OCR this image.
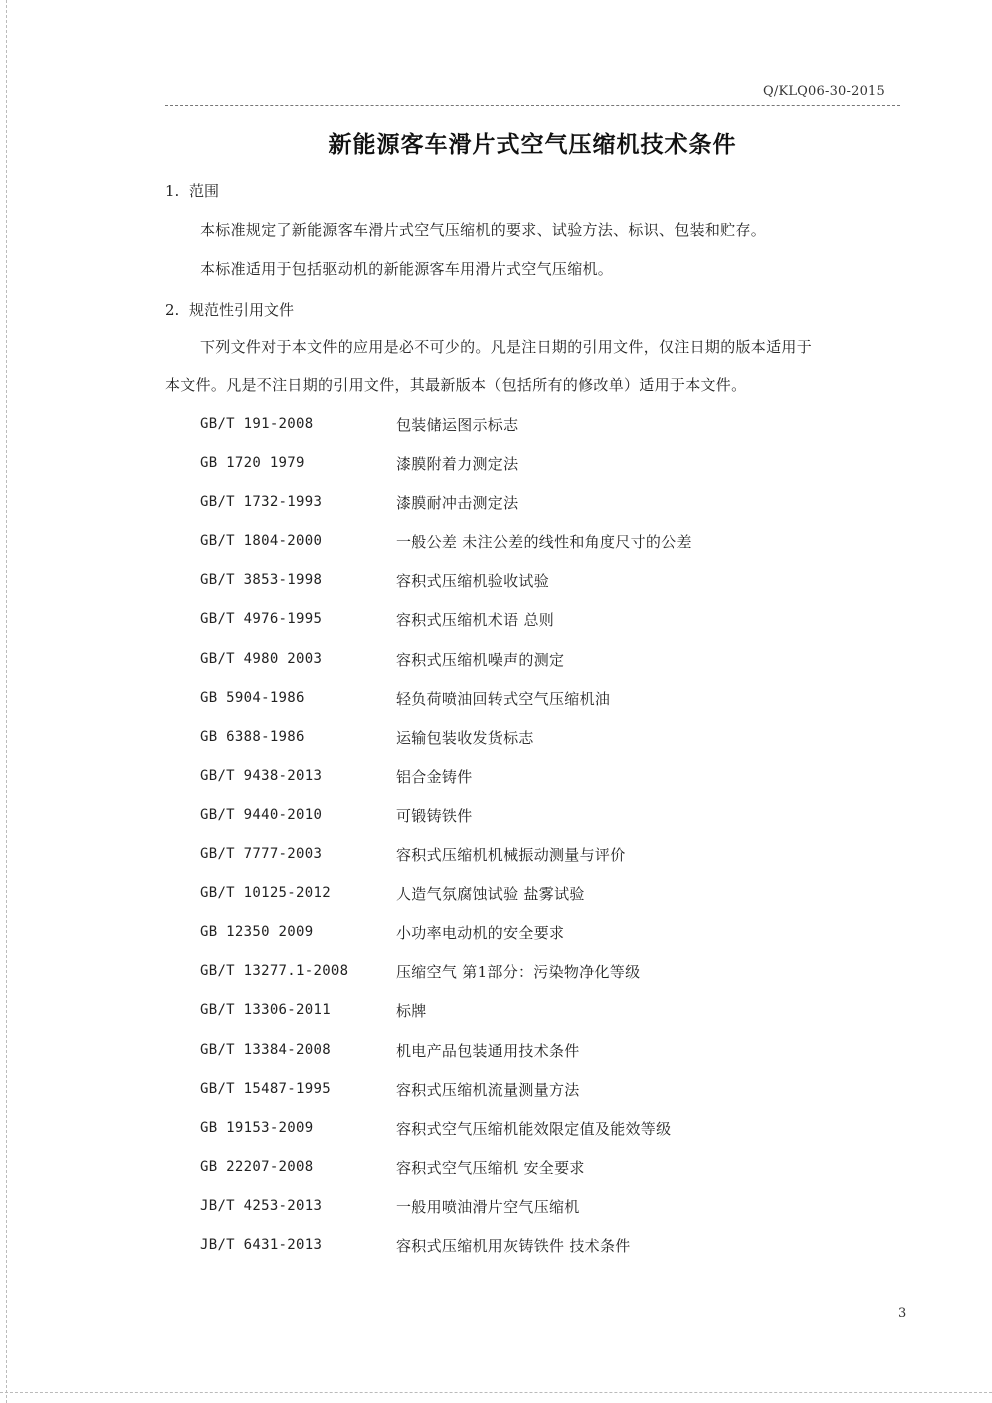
Q/KLQ06-30-2015
新能源客车滑片式空气压缩机技术条件
1. 范围
本标准规定了新能源客车滑片式空气压缩机的要求、试验方法、标识、包装和贮存。
本标准适用于包括驱动机的新能源客车用滑片式空气压缩机。
2. 规范性引用文件
下列文件对于本文件的应用是必不可少的。凡是注日期的引用文件，仅注日期的版本适用于
本文件。凡是不注日期的引用文件，其最新版本（包括所有的修改单）适用于本文件。
GB/T 191-2008	包装储运图示标志
GB 1720 1979	漆膜附着力测定法
GB/T 1732-1993	漆膜耐冲击测定法
GB/T 1804-2000	一般公差 未注公差的线性和角度尺寸的公差
GB/T 3853-1998	容积式压缩机验收试验
GB/T 4976-1995	容积式压缩机术语 总则
GB/T 4980 2003	容积式压缩机噪声的测定
GB 5904-1986	轻负荷喷油回转式空气压缩机油
GB 6388-1986	运输包装收发货标志
GB/T 9438-2013	铝合金铸件
GB/T 9440-2010	可锻铸铁件
GB/T 7777-2003	容积式压缩机机械振动测量与评价
GB/T 10125-2012	人造气氛腐蚀试验 盐雾试验
GB 12350 2009	小功率电动机的安全要求
GB/T 13277.1-2008	压缩空气 第1部分：污染物净化等级
GB/T 13306-2011	标牌
GB/T 13384-2008	机电产品包装通用技术条件
GB/T 15487-1995	容积式压缩机流量测量方法
GB 19153-2009	容积式空气压缩机能效限定值及能效等级
GB 22207-2008	容积式空气压缩机 安全要求
JB/T 4253-2013	一般用喷油滑片空气压缩机
JB/T 6431-2013	容积式压缩机用灰铸铁件 技术条件
3
